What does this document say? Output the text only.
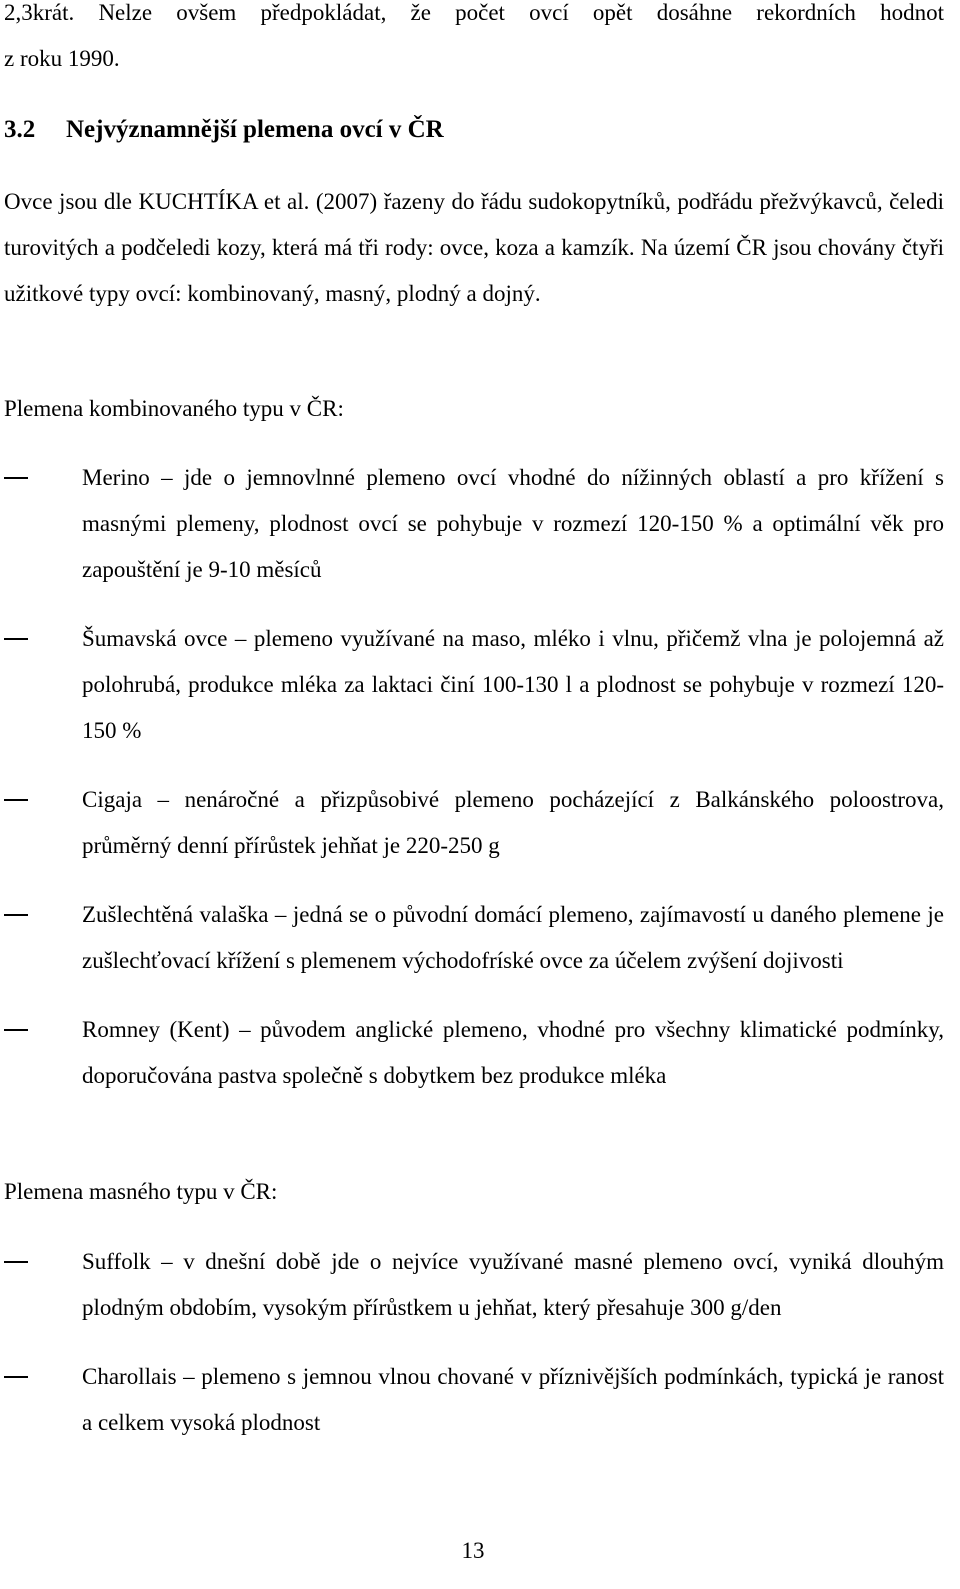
2,3krát. Nelze ovšem předpokládat, že počet ovcí opět dosáhne rekordních hodnot

z roku 1990.

3.2 Nejvýznamnější plemena ovcí v ČR

Ovce jsou dle KUCHTÍKA et al. (2007) řazeny do řádu sudokopytníků, podřádu přežvýkavců, čeledi turovitých a podčeledi kozy, která má tři rody: ovce, koza a kamzík. Na území ČR jsou chovány čtyři užitkové typy ovcí: kombinovaný, masný, plodný a dojný.

Plemena kombinovaného typu v ČR:

Merino – jde o jemnovlnné plemeno ovcí vhodné do nížinných oblastí a pro křížení s masnými plemeny, plodnost ovcí se pohybuje v rozmezí 120-150 % a optimální věk pro zapouštění je 9-10 měsíců

Šumavská ovce – plemeno využívané na maso, mléko i vlnu, přičemž vlna je polojemná až polohrubá, produkce mléka za laktaci činí 100-130 l a plodnost se pohybuje v rozmezí 120-150 %

Cigaja – nenáročné a přizpůsobivé plemeno pocházející z Balkánského poloostrova, průměrný denní přírůstek jehňat je 220-250 g

Zušlechtěná valaška – jedná se o původní domácí plemeno, zajímavostí u daného plemene je zušlechťovací křížení s plemenem východofríské ovce za účelem zvýšení dojivosti

Romney (Kent) – původem anglické plemeno, vhodné pro všechny klimatické podmínky, doporučována pastva společně s dobytkem bez produkce mléka

Plemena masného typu v ČR:

Suffolk – v dnešní době jde o nejvíce využívané masné plemeno ovcí, vyniká dlouhým plodným obdobím, vysokým přírůstkem u jehňat, který přesahuje 300 g/den

Charollais – plemeno s jemnou vlnou chované v příznivějších podmínkách, typická je ranost a celkem vysoká plodnost

13
